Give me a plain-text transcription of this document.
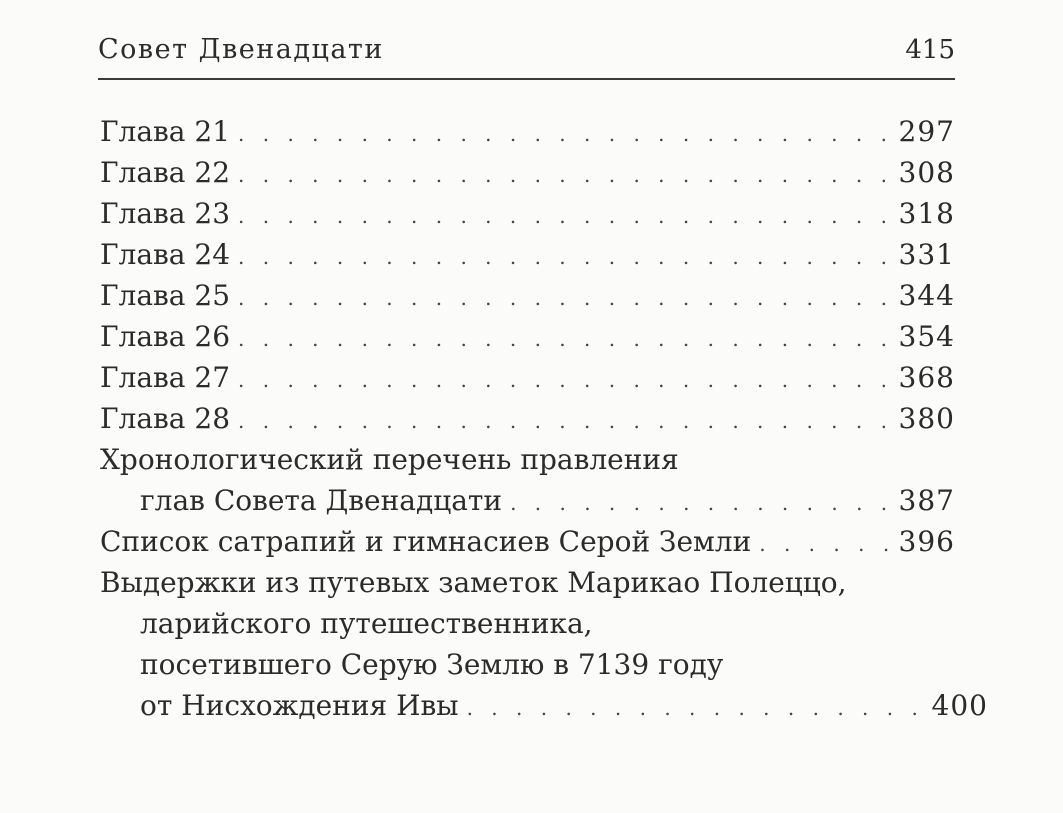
Совет Двенадцати	415
Глава 21 . . .	297
Глава 22 . . .	308
Глава 23 . . .	318
Глава 24 . . .	331
Глава 25 . . .	344
Глава 26 . . .	354
Глава 27 . . .	368
Глава 28 . . .	380
Хронологический перечень правления
глав Совета Двенадцати . . .	387
Список сатрапий и гимнасиев Серой Земли . . .	396
Выдержки из путевых заметок Марикао Полеццо,
ларийского путешественника,
посетившего Серую Землю в 7139 году
от Нисхождения Ивы . . .	400
